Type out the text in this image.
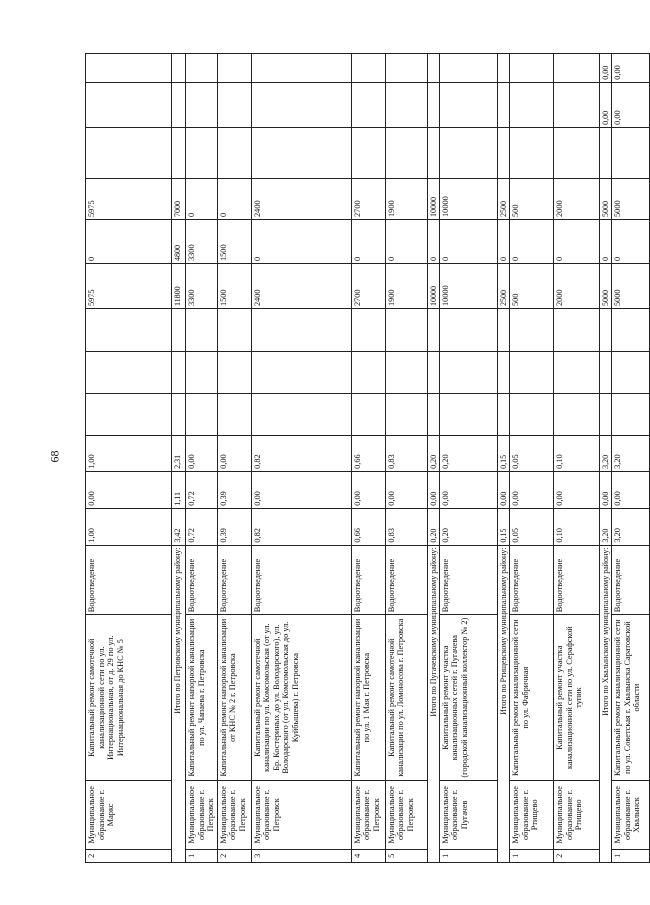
68
2	Муниципальное образование г. Маркс	Капитальный ремонт самотечной канализационной сети по ул. Интернациональная, от д. 29 по ул. Интернациональная до КНС № 5	Водоотведение	1,00	0,00	1,00				5975	0	5975			
Итого по Петровскому муниципальному району:				3,42	1,11	2,31				11800	4800	7000			
1	Муниципальное образование г. Петровск	Капитальный ремонт напорной канализации по ул. Чапаева г. Петровска	Водоотведение	0,72	0,72	0,00				3300	3300	0			
2	Муниципальное образование г. Петровск	Капитальный ремонт напорной канализации от КНС № 2 г. Петровска	Водоотведение	0,39	0,39	0,00				1500	1500	0			
3	Муниципальное образование г. Петровск	Капитальный ремонт самотечной канализации по ул. Комсомольская (от ул. Бр. Костериных до ул. Володарского), ул. Володарского (от ул. Комсомольская до ул. Куйбышева) г. Петровска	Водоотведение	0,82	0,00	0,82				2400	0	2400			
4	Муниципальное образование г. Петровск	Капитальный ремонт напорной канализации по ул. 1 Мая г. Петровска	Водоотведение	0,66	0,00	0,66				2700	0	2700			
5	Муниципальное образование г. Петровск	Капитальный ремонт самотечной канализации по ул. Ломоносова г. Петровска	Водоотведение	0,83	0,00	0,83				1900	0	1900			
Итого по Пугачевскому муниципальному району:				0,20	0,00	0,20				10000	0	10000			
1	Муниципальное образование г. Пугачев	Капитальный ремонт участка канализационных сетей г. Пугачева (городской канализационный коллектор № 2)	Водоотведение	0,20	0,00	0,20				10000	0	10000			
Итого по Ртищевскому муниципальному району:				0,15	0,00	0,15				2500	0	2500			
1	Муниципальное образование г. Ртищево	Капитальный ремонт канализационной сети по ул. Фабричная	Водоотведение	0,05	0,00	0,05				500	0	500			
2	Муниципальное образование г. Ртищево	Капитальный ремонт участка канализационной сети по ул. Серафской тупик	Водоотведение	0,10	0,00	0,10				2000	0	2000			
Итого по Хвалынскому муниципальному району:				3,20	0,00	3,20				5000	0	5000		0,00	0,00
1	Муниципальное образование г. Хвалынск	Капитальный ремонт канализационной сети по ул. Советская г. Хвалынска Саратовской области	Водоотведение	3,20	0,00	3,20				5000	0	5000		0,00	0,00
